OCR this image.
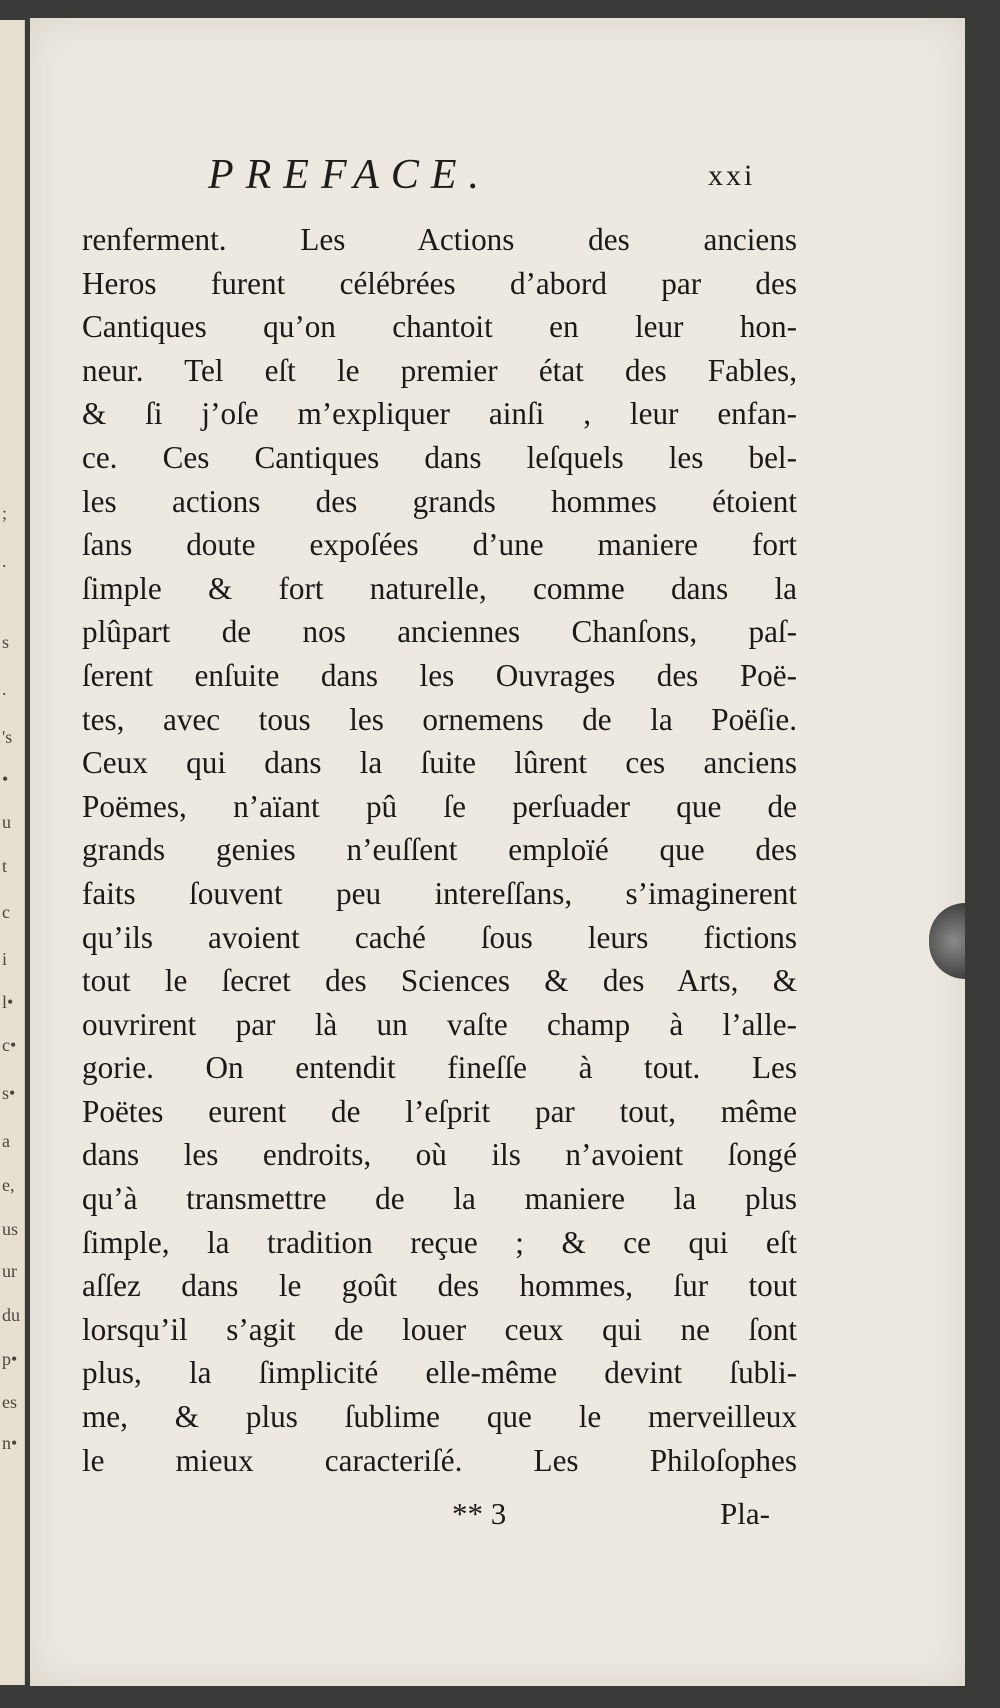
;
.
s
.
's
•
u
t
c
i
l•
c•
s•
a
e,
us
ur
du
p•
es
n•
PREFACE.	xxi
renferment. Les Actions des anciens
Heros furent célébrées d’abord par des
Cantiques qu’on chantoit en leur hon-
neur. Tel eſt le premier état des Fables,
& ſi j’oſe m’expliquer ainſi , leur enfan-
ce. Ces Cantiques dans leſquels les bel-
les actions des grands hommes étoient
ſans doute expoſées d’une maniere fort
ſimple & fort naturelle, comme dans la
plûpart de nos anciennes Chanſons, paſ-
ſerent enſuite dans les Ouvrages des Poë-
tes, avec tous les ornemens de la Poëſie.
Ceux qui dans la ſuite lûrent ces anciens
Poëmes, n’aïant pû ſe perſuader que de
grands genies n’euſſent emploïé que des
faits ſouvent peu intereſſans, s’imaginerent
qu’ils avoient caché ſous leurs fictions
tout le ſecret des Sciences & des Arts, &
ouvrirent par là un vaſte champ à l’alle-
gorie. On entendit fineſſe à tout. Les
Poëtes eurent de l’eſprit par tout, même
dans les endroits, où ils n’avoient ſongé
qu’à transmettre de la maniere la plus
ſimple, la tradition reçue ; & ce qui eſt
aſſez dans le goût des hommes, ſur tout
lorsqu’il s’agit de louer ceux qui ne ſont
plus, la ſimplicité elle-même devint ſubli-
me, & plus ſublime que le merveilleux
le mieux caracteriſé. Les Philoſophes
** 3	Pla-
